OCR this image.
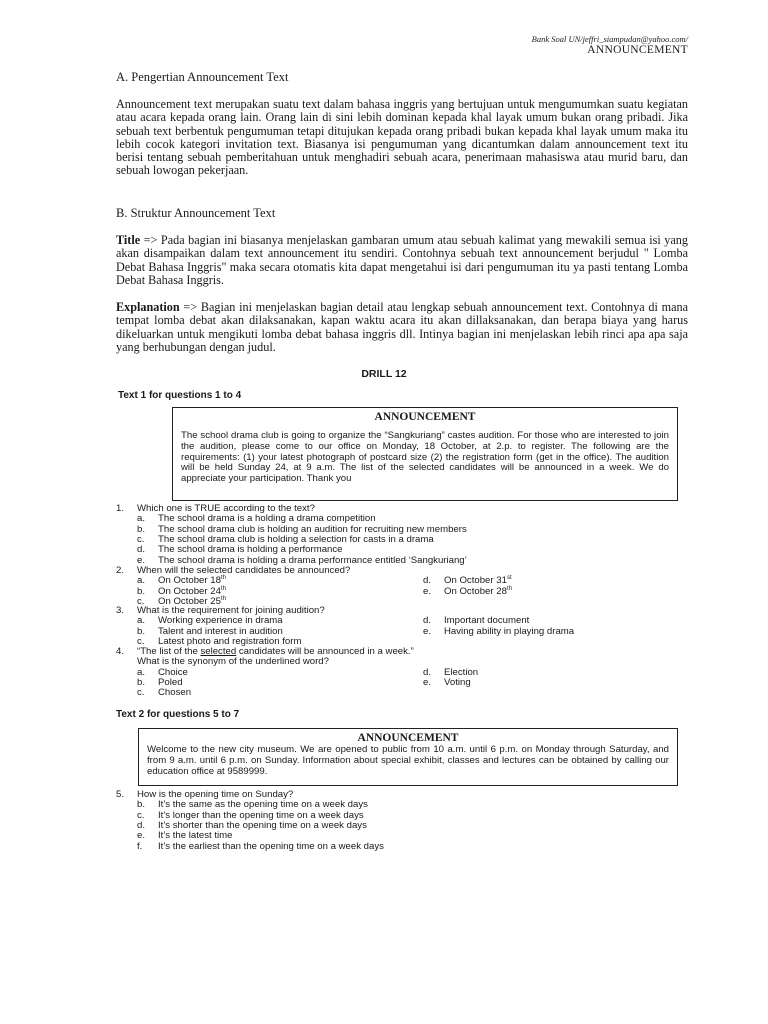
Bank Soal UN/jeffri_siampudan@yahoo.com/
ANNOUNCEMENT
A. Pengertian Announcement Text
Announcement text merupakan suatu text dalam bahasa inggris yang bertujuan untuk mengumumkan suatu kegiatan atau acara kepada orang lain. Orang lain di sini lebih dominan kepada khal layak umum bukan orang pribadi. Jika sebuah text berbentuk pengumuman tetapi ditujukan kepada orang pribadi bukan kepada khal layak umum maka itu lebih cocok kategori invitation text. Biasanya isi pengumuman yang dicantumkan dalam announcement text itu berisi tentang sebuah pemberitahuan untuk menghadiri sebuah acara, penerimaan mahasiswa atau murid baru, dan sebuah lowogan pekerjaan.
B. Struktur Announcement Text
Title => Pada bagian ini biasanya menjelaskan gambaran umum atau sebuah kalimat yang mewakili semua isi yang akan disampaikan dalam text announcement itu sendiri. Contohnya sebuah text announcement berjudul " Lomba Debat Bahasa Inggris" maka secara otomatis kita dapat mengetahui isi dari pengumuman itu ya pasti tentang Lomba Debat Bahasa Inggris.
Explanation => Bagian ini menjelaskan bagian detail atau lengkap sebuah announcement text. Contohnya di mana tempat lomba debat akan dilaksanakan, kapan waktu acara itu akan dillaksanakan, dan berapa biaya yang harus dikeluarkan untuk mengikuti lomba debat bahasa inggris dll. Intinya bagian ini menjelaskan lebih rinci apa apa saja yang berhubungan dengan judul.
DRILL 12
Text 1 for questions 1 to 4
ANNOUNCEMENT
The school drama club is going to organize the “Sangkuriang” castes audition. For those who are interested to join the audition, please come to our office on Monday, 18 October, at 2.p. to register. The following are the requirements: (1) your latest photograph of postcard size (2) the registration form (get in the office). The audition will be held Sunday 24, at 9 a.m. The list of the selected candidates will be announced in a week. We do appreciate your participation. Thank you
1.	Which one is TRUE according to the text?
a. The school drama is a holding a drama competition
b. The school drama club is holding an audition for recruiting new members
c. The school drama club is holding a selection for casts in a drama
d. The school drama is holding a performance
e. The school drama is holding a drama performance entitled ‘Sangkuriang’
2.	When will the selected candidates be announced?
a. On October 18th
b. On October 24th
c. On October 25th
d. On October 31st
e. On October 28th
3.	What is the requirement for joining audition?
a. Working experience in drama
b. Talent and interest in audition
c. Latest photo and registration form
d. Important document
e. Having ability in playing drama
4.	“The list of the selected candidates will be announced in a week.”
What is the synonym of the underlined word?
a. Choice
b. Poled
c. Chosen
d. Election
e. Voting
Text 2 for questions 5 to 7
ANNOUNCEMENT
Welcome to the new city museum. We are opened to public from 10 a.m. until 6 p.m. on Monday through Saturday, and from 9 a.m. until 6 p.m. on Sunday. Information about special exhibit, classes and lectures can be obtained by calling our education office at 9589999.
5.	How is the opening time on Sunday?
b. It’s the same as the opening time on a week days
c. It’s longer than the opening time on a week days
d. It’s shorter than the opening time on a week days
e. It’s the latest time
f. It’s the earliest than the opening time on a week days
